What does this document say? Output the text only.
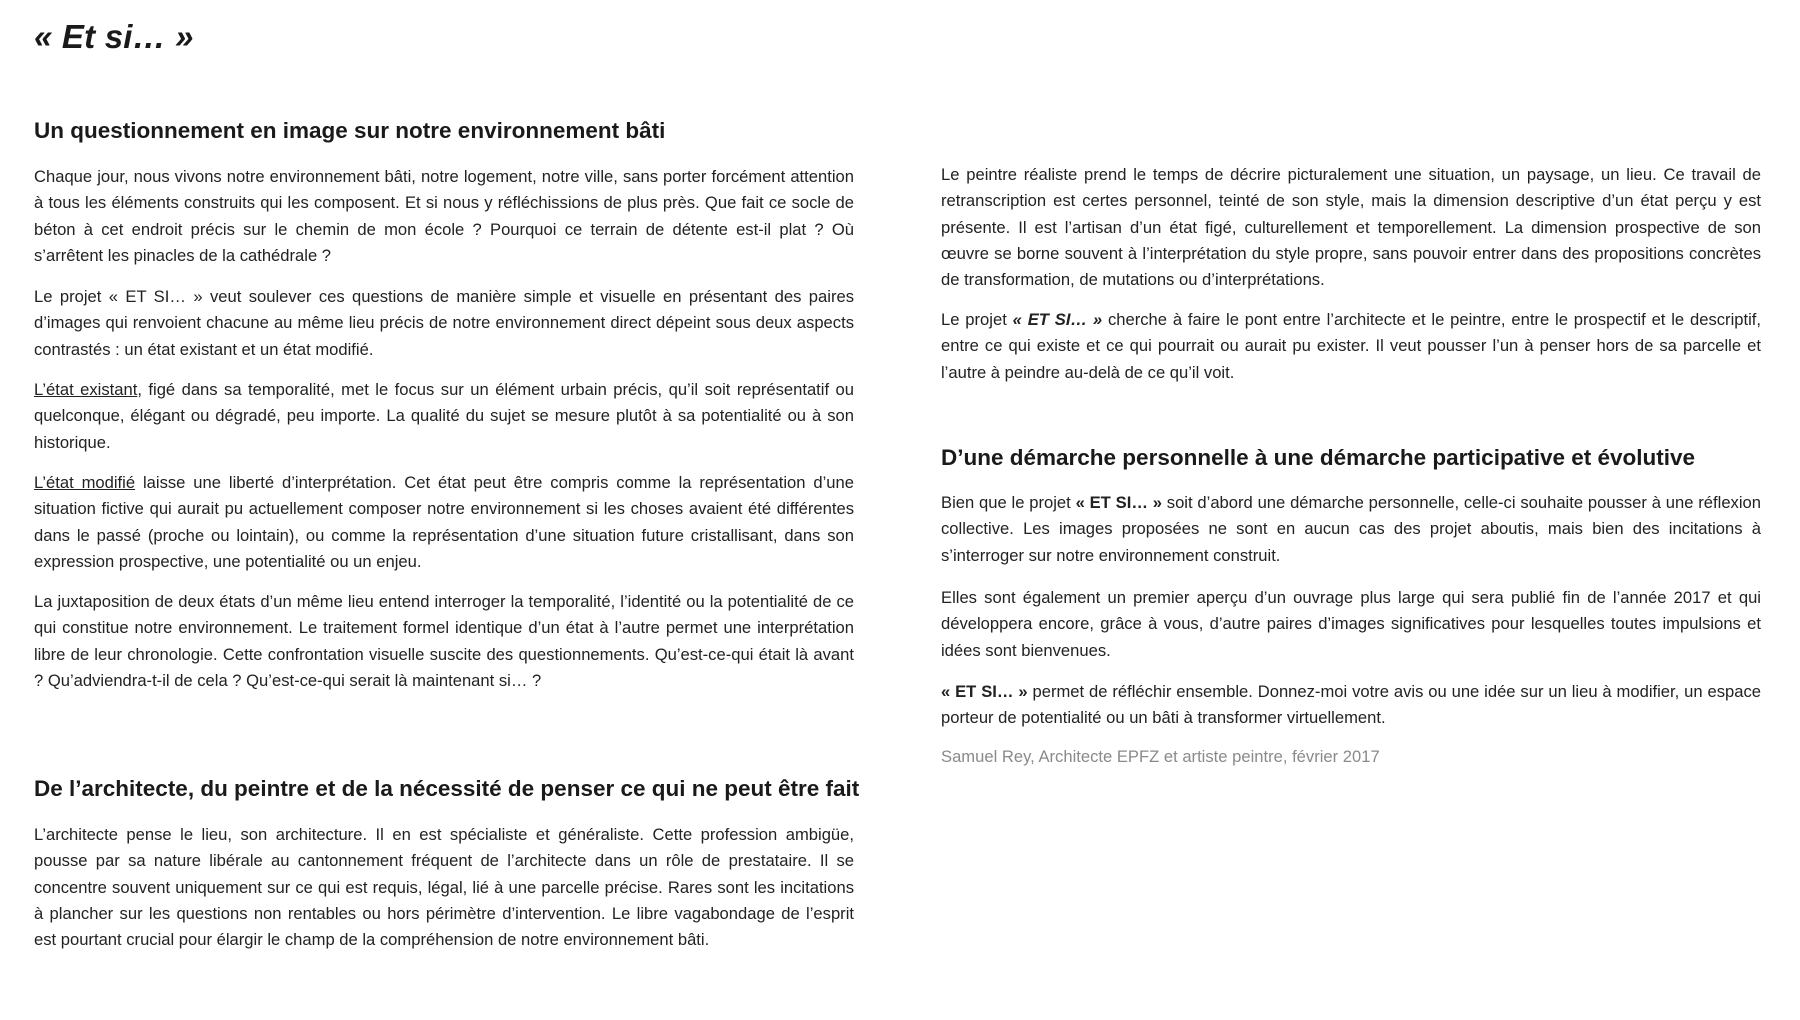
« Et si… »
Un questionnement en image sur notre environnement bâti

Chaque jour, nous vivons notre environnement bâti, notre logement, notre ville, sans porter forcément attention à tous les éléments construits qui les composent. Et si nous y réfléchissions de plus près. Que fait ce socle de béton à cet endroit précis sur le chemin de mon école ? Pourquoi ce terrain de détente est-il plat ? Où s’arrêtent les pinacles de la cathédrale ?

Le projet « ET SI… » veut soulever ces questions de manière simple et visuelle en présentant des paires d’images qui renvoient chacune au même lieu précis de notre environnement direct dépeint sous deux aspects contrastés : un état existant et un état modifié.

L’état existant, figé dans sa temporalité, met le focus sur un élément urbain précis, qu’il soit représentatif ou quelconque, élégant ou dégradé, peu importe. La qualité du sujet se mesure plutôt à sa potentialité ou à son historique.

L’état modifié laisse une liberté d’interprétation. Cet état peut être compris comme la représentation d’une situation fictive qui aurait pu actuellement composer notre environnement si les choses avaient été différentes dans le passé (proche ou lointain), ou comme la représentation d’une situation future cristallisant, dans son expression prospective, une potentialité ou un enjeu.

La juxtaposition de deux états d’un même lieu entend interroger la temporalité, l’identité ou la potentialité de ce qui constitue notre environnement. Le traitement formel identique d’un état à l’autre permet une interprétation libre de leur chronologie. Cette confrontation visuelle suscite des questionnements. Qu’est-ce-qui était là avant ? Qu’adviendra-t-il de cela ? Qu’est-ce-qui serait là maintenant si… ?

De l’architecte, du peintre et de la nécessité de penser ce qui ne peut être fait

L’architecte pense le lieu, son architecture. Il en est spécialiste et généraliste. Cette profession ambigüe, pousse par sa nature libérale au cantonnement fréquent de l’architecte dans un rôle de prestataire. Il se concentre souvent uniquement sur ce qui est requis, légal, lié à une parcelle précise. Rares sont les incitations à plancher sur les questions non rentables ou hors périmètre d’intervention. Le libre vagabondage de l’esprit est pourtant crucial pour élargir le champ de la compréhension de notre environnement bâti.

Le peintre réaliste prend le temps de décrire picturalement une situation, un paysage, un lieu. Ce travail de retranscription est certes personnel, teinté de son style, mais la dimension descriptive d’un état perçu y est présente. Il est l’artisan d’un état figé, culturellement et temporellement. La dimension prospective de son œuvre se borne souvent à l’interprétation du style propre, sans pouvoir entrer dans des propositions concrètes de transformation, de mutations ou d’interprétations.

Le projet « ET SI… » cherche à faire le pont entre l’architecte et le peintre, entre le prospectif et le descriptif, entre ce qui existe et ce qui pourrait ou aurait pu exister. Il veut pousser l’un à penser hors de sa parcelle et l’autre à peindre au-delà de ce qu’il voit.

D’une démarche personnelle à une démarche participative et évolutive

Bien que le projet « ET SI… » soit d’abord une démarche personnelle, celle-ci souhaite pousser à une réflexion collective. Les images proposées ne sont en aucun cas des projet aboutis, mais bien des incitations à s’interroger sur notre environnement construit.

Elles sont également un premier aperçu d’un ouvrage plus large qui sera publié fin de l’année 2017 et qui développera encore, grâce à vous, d’autre paires d’images significatives pour lesquelles toutes impulsions et idées sont bienvenues.

« ET SI… » permet de réfléchir ensemble. Donnez-moi votre avis ou une idée sur un lieu à modifier, un espace porteur de potentialité ou un bâti à transformer virtuellement.

Samuel Rey, Architecte EPFZ et artiste peintre, février 2017
